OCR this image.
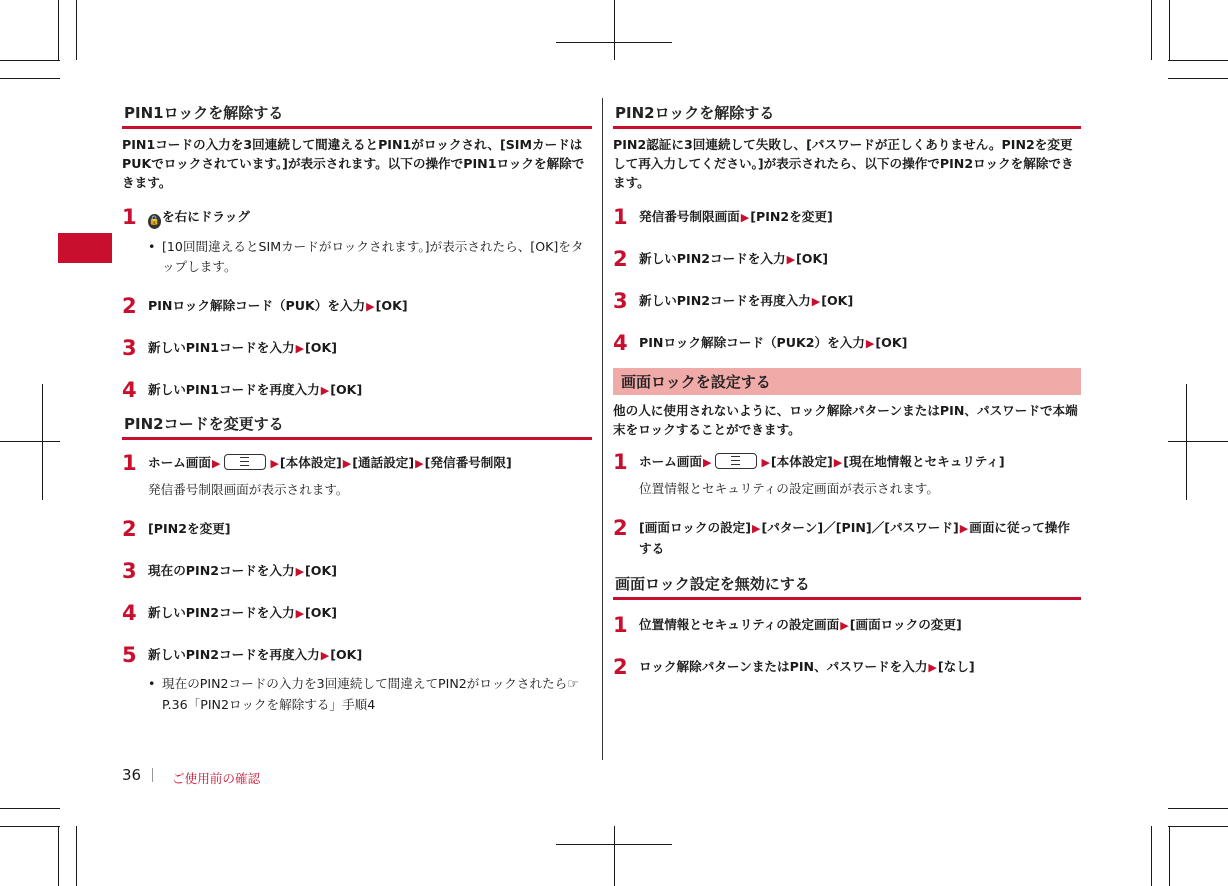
PIN1ロックを解除する

PIN1コードの入力を3回連続して間違えるとPIN1がロックされ、[SIMカードはPUKでロックされています。]が表示されます。以下の操作でPIN1ロックを解除できます。

1	🔒 を右にドラッグ
• [10回間違えるとSIMカードがロックされます。]が表示されたら、[OK]をタップします。
2 PINロック解除コード（PUK）を入力▶[OK]
3 新しいPIN1コードを入力▶[OK]
4 新しいPIN1コードを再度入力▶[OK]
PIN2コードを変更する
1 ホーム画面▶	▶[本体設定]▶[通話設定]▶[発信番号制限]
発信番号制限画面が表示されます。
2 [PIN2を変更]
3 現在のPIN2コードを入力▶[OK]
4 新しいPIN2コードを入力▶[OK]
5 新しいPIN2コードを再度入力▶[OK]
• 現在のPIN2コードの入力を3回連続して間違えてPIN2がロックされたら☞P.36「PIN2ロックを解除する」手順4
PIN2ロックを解除する

PIN2認証に3回連続して失敗し、[パスワードが正しくありません。PIN2を変更して再入力してください。]が表示されたら、以下の操作でPIN2ロックを解除できます。

1 発信番号制限画面▶[PIN2を変更]
2 新しいPIN2コードを入力▶[OK]
3 新しいPIN2コードを再度入力▶[OK]
4 PINロック解除コード（PUK2）を入力▶[OK]
画面ロックを設定する

他の人に使用されないように、ロック解除パターンまたはPIN、パスワードで本端末をロックすることができます。

1 ホーム画面▶	▶[本体設定]▶[現在地情報とセキュリティ]
位置情報とセキュリティの設定画面が表示されます。
2 [画面ロックの設定]▶[パターン]／[PIN]／[パスワード]▶画面に従って操作する
画面ロック設定を無効にする
1 位置情報とセキュリティの設定画面▶[画面ロックの変更]
2 ロック解除パターンまたはPIN、パスワードを入力▶[なし]
36 ご使用前の確認
